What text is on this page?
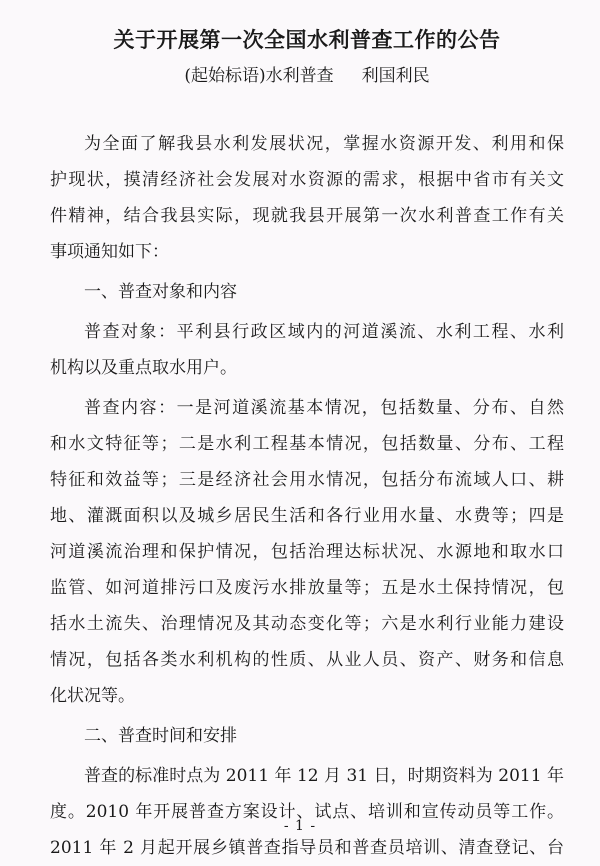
关于开展第一次全国水利普查工作的公告
(起始标语)水利普查 利国利民
为全面了解我县水利发展状况，掌握水资源开发、利用和保
护现状，摸清经济社会发展对水资源的需求，根据中省市有关文
件精神，结合我县实际，现就我县开展第一次水利普查工作有关
事项通知如下：
一、普查对象和内容
普查对象：平利县行政区域内的河道溪流、水利工程、水利
机构以及重点取水用户。
普查内容：一是河道溪流基本情况，包括数量、分布、自然
和水文特征等；二是水利工程基本情况，包括数量、分布、工程
特征和效益等；三是经济社会用水情况，包括分布流域人口、耕
地、灌溉面积以及城乡居民生活和各行业用水量、水费等；四是
河道溪流治理和保护情况，包括治理达标状况、水源地和取水口
监管、如河道排污口及废污水排放量等；五是水土保持情况，包
括水土流失、治理情况及其动态变化等；六是水利行业能力建设
情况，包括各类水利机构的性质、从业人员、资产、财务和信息
化状况等。
二、普查时间和安排
普查的标准时点为 2011 年 12 月 31 日，时期资料为 2011 年
度。2010 年开展普查方案设计、试点、培训和宣传动员等工作。
2011 年 2 月起开展乡镇普查指导员和普查员培训、清查登记、台
- 1 -
